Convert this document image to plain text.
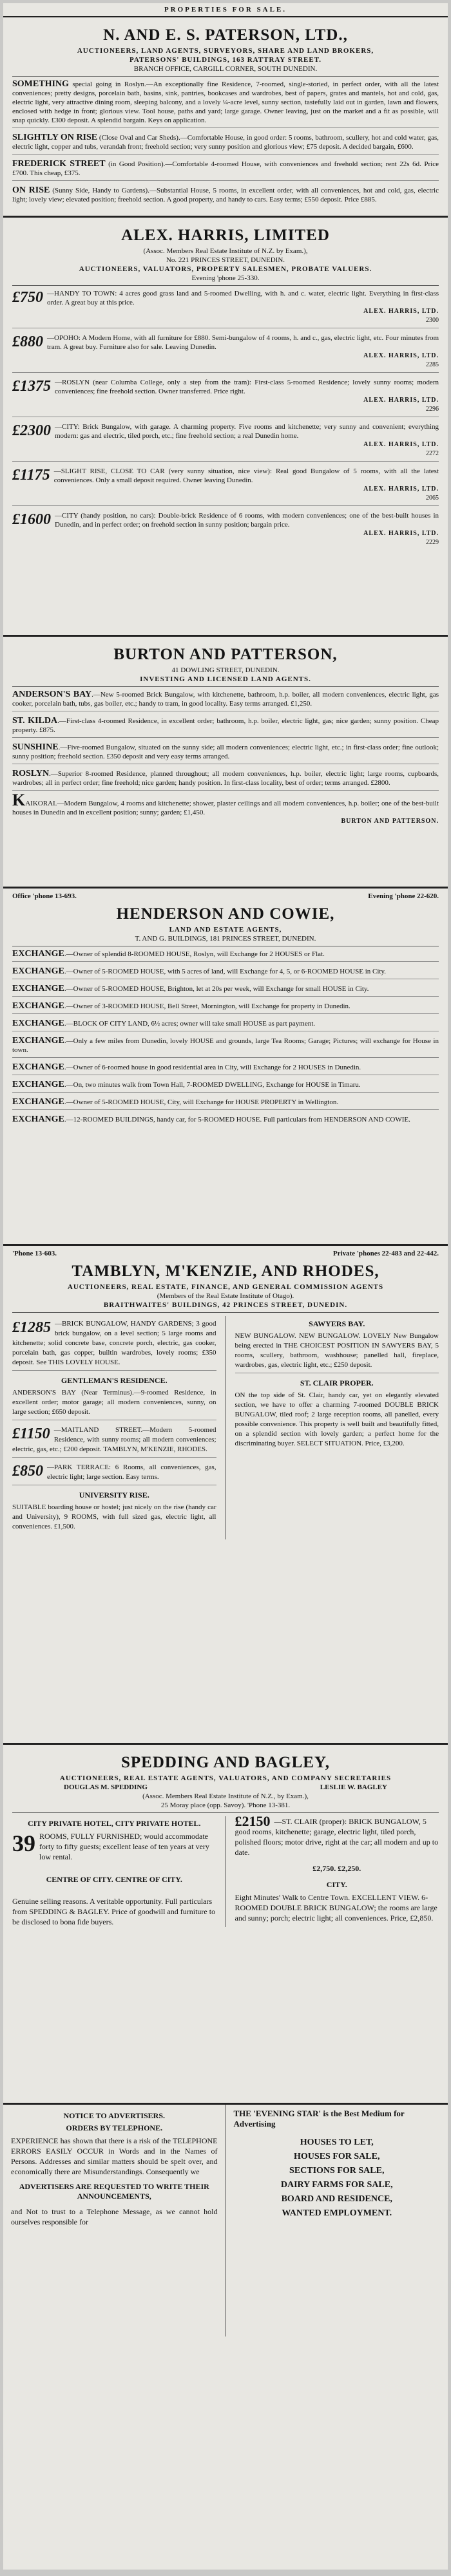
PROPERTIES FOR SALE.
N. AND E. S. PATERSON, LTD.,
AUCTIONEERS, LAND AGENTS, SURVEYORS, SHARE AND LAND BROKERS,
PATERSONS' BUILDINGS, 163 RATTRAY STREET.
BRANCH OFFICE, CARGILL CORNER, SOUTH DUNEDIN.
SOMETHING special going in Roslyn.—An exceptionally fine Residence, 7-roomed, single-storied, in perfect order, with all the latest conveniences; pretty designs, porcelain bath, basins, sink, pantries, bookcases and wardrobes, best of papers, grates and mantels, hot and cold, gas, electric light, very attractive dining room, sleeping balcony, and a lovely ¼-acre level, sunny section, tastefully laid out in garden, lawn and flowers, enclosed with hedge in front; glorious view. Tool house, paths and yard; large garage. Owner leaving, just on the market and a fit as possible, will snap quickly. £300 deposit. A splendid bargain. Keys on application.
SLIGHTLY ON RISE (Close Oval and Car Sheds).—Comfortable House, in good order: 5 rooms, bathroom, scullery, hot and cold water, gas, electric light, copper and tubs, verandah front; freehold section; very sunny position and glorious view; £75 deposit. A decided bargain, £600.
FREDERICK STREET (in Good Position).—Comfortable 4-roomed House, with conveniences and freehold section; rent 22s 6d. Price £700. This cheap, £375.
ON RISE (Sunny Side, Handy to Gardens).—Substantial House, 5 rooms, in excellent order, with all conveniences, hot and cold, gas, electric light; lovely view; elevated position; freehold section. A good property, and handy to cars. Easy terms; £550 deposit. Price £885.
ALEX. HARRIS, LIMITED
(Assoc. Members Real Estate Institute of N.Z. by Exam.),
No. 221 PRINCES STREET, DUNEDIN.
AUCTIONEERS, VALUATORS, PROPERTY SALESMEN, PROBATE VALUERS.
Evening 'phone 25-330.
£750 —HANDY TO TOWN: 4 acres good grass land and 5-roomed Dwelling, with h. and c. water, electric light. Everything in first-class order. A great buy at this price.
ALEX. HARRIS, LTD.
2300
£880 —OPOHO: A Modern Home, with all furniture for £880. Semi-bungalow of 4 rooms, h. and c., gas, electric light, etc. Four minutes from tram. A great buy. Furniture also for sale. Leaving Dunedin.
ALEX. HARRIS, LTD.
2285
£1375 —ROSLYN (near Columba College, only a step from the tram): First-class 5-roomed Residence; lovely sunny rooms; modern conveniences; fine freehold section. Owner transferred. Price right.
ALEX. HARRIS, LTD.
2296
£2300 —CITY: Brick Bungalow, with garage. A charming property. Five rooms and kitchenette; very sunny and convenient; everything modern: gas and electric, tiled porch, etc.; fine freehold section; a real Dunedin home.
ALEX. HARRIS, LTD.
2272
£1175 —SLIGHT RISE, CLOSE TO CAR (very sunny situation, nice view): Real good Bungalow of 5 rooms, with all the latest conveniences. Only a small deposit required. Owner leaving Dunedin.
ALEX. HARRIS, LTD.
2065
£1600 —CITY (handy position, no cars): Double-brick Residence of 6 rooms, with modern conveniences; one of the best-built houses in Dunedin, and in perfect order; on freehold section in sunny position; bargain price.
ALEX. HARRIS, LTD.
2229
BURTON AND PATTERSON,
41 DOWLING STREET, DUNEDIN.
INVESTING AND LICENSED LAND AGENTS.
ANDERSON'S BAY.—New 5-roomed Brick Bungalow, with kitchenette, bathroom, h.p. boiler, all modern conveniences, electric light, gas cooker, porcelain bath, tubs, gas boiler, etc.; handy to tram, in good locality. Easy terms arranged. £1,250.
ST. KILDA.—First-class 4-roomed Residence, in excellent order; bathroom, h.p. boiler, electric light, gas; nice garden; sunny position. Cheap property. £875.
SUNSHINE.—Five-roomed Bungalow, situated on the sunny side; all modern conveniences; electric light, etc.; in first-class order; fine outlook; sunny position; freehold section. £350 deposit and very easy terms arranged.
ROSLYN.—Superior 8-roomed Residence, planned throughout; all modern conveniences, h.p. boiler, electric light; large rooms, cupboards, wardrobes; all in perfect order; fine freehold; nice garden; handy position. In first-class locality, best of order; terms arranged. £2800.
KAIKORAI.—Modern Bungalow, 4 rooms and kitchenette; shower, plaster ceilings and all modern conveniences, h.p. boiler; one of the best-built houses in Dunedin and in excellent position; sunny; garden; £1,450.
BURTON AND PATTERSON.
Office 'phone 13-693.	Evening 'phone 22-620.
HENDERSON AND COWIE,
LAND AND ESTATE AGENTS,
T. AND G. BUILDINGS, 181 PRINCES STREET, DUNEDIN.
EXCHANGE.—Owner of splendid 8-ROOMED HOUSE, Roslyn, will Exchange for 2 HOUSES or Flat.
EXCHANGE.—Owner of 5-ROOMED HOUSE, with 5 acres of land, will Exchange for 4, 5, or 6-ROOMED HOUSE in City.
EXCHANGE.—Owner of 5-ROOMED HOUSE, Brighton, let at 20s per week, will Exchange for small HOUSE in City.
EXCHANGE.—Owner of 3-ROOMED HOUSE, Bell Street, Mornington, will Exchange for property in Dunedin.
EXCHANGE.—BLOCK OF CITY LAND, 6½ acres; owner will take small HOUSE as part payment.
EXCHANGE.—Only a few miles from Dunedin, lovely HOUSE and grounds, large Tea Rooms; Garage; Pictures; will exchange for House in town.
EXCHANGE.—Owner of 6-roomed house in good residential area in City, will Exchange for 2 HOUSES in Dunedin.
EXCHANGE.—On, two minutes walk from Town Hall, 7-ROOMED DWELLING, Exchange for HOUSE in Timaru.
EXCHANGE.—Owner of 5-ROOMED HOUSE, City, will Exchange for HOUSE PROPERTY in Wellington.
EXCHANGE.—12-ROOMED BUILDINGS, handy car, for 5-ROOMED HOUSE. Full particulars from HENDERSON AND COWIE.
'Phone 13-603.	Private 'phones 22-483 and 22-442.
TAMBLYN, M'KENZIE, AND RHODES,
AUCTIONEERS, REAL ESTATE, FINANCE, AND GENERAL COMMISSION AGENTS
(Members of the Real Estate Institute of Otago).
BRAITHWAITES' BUILDINGS, 42 PRINCES STREET, DUNEDIN.
£1285 —BRICK BUNGALOW, HANDY GARDENS; 3 good brick bungalow, on a level section; 5 large rooms and kitchenette; solid concrete base, concrete porch, electric, gas cooker, porcelain bath, gas copper, builtin wardrobes, lovely rooms; £350 deposit. See THIS LOVELY HOUSE.
GENTLEMAN'S RESIDENCE.
ANDERSON'S BAY (Near Terminus).—9-roomed Residence, in excellent order; motor garage; all modern conveniences, sunny, on large section; £650 deposit.
£1150 —MAITLAND STREET.—Modern 5-roomed Residence, with sunny rooms; all modern conveniences; electric, gas, etc.; £200 deposit. TAMBLYN, M'KENZIE, RHODES.
£850 —PARK TERRACE: 6 Rooms, all conveniences, gas, electric light; large section. Easy terms.
UNIVERSITY RISE.
SUITABLE boarding house or hostel; just nicely on the rise (handy car and University), 9 ROOMS, with full sized gas, electric light, all conveniences. £1,500.
SAWYERS BAY.
NEW BUNGALOW. NEW BUNGALOW. LOVELY New Bungalow being erected in THE CHOICEST POSITION IN SAWYERS BAY, 5 rooms, scullery, bathroom, washhouse; panelled hall, fireplace, wardrobes, gas, electric light, etc.; £250 deposit.
ST. CLAIR PROPER.
ON the top side of St. Clair, handy car, yet on elegantly elevated section, we have to offer a charming 7-roomed DOUBLE BRICK BUNGALOW, tiled roof; 2 large reception rooms, all panelled, every possible convenience. This property is well built and beautifully fitted, on a splendid section with lovely garden; a perfect home for the discriminating buyer. SELECT SITUATION. Price, £3,200.
SPEDDING AND BAGLEY,
AUCTIONEERS, REAL ESTATE AGENTS, VALUATORS, AND COMPANY SECRETARIES
DOUGLAS M. SPEDDING	LESLIE W. BAGLEY
(Assoc. Members Real Estate Institute of N.Z., by Exam.),
25 Moray place (opp. Savoy). 'Phone 13-381.
CITY PRIVATE HOTEL, CITY PRIVATE HOTEL.
39 ROOMS, FULLY FURNISHED; would accommodate forty to fifty guests; excellent lease of ten years at very low rental.
CENTRE OF CITY. CENTRE OF CITY.
Genuine selling reasons. A veritable opportunity. Full particulars from SPEDDING & BAGLEY. Price of goodwill and furniture to be disclosed to bona fide buyers.
£2150 —ST. CLAIR (proper): BRICK BUNGALOW, 5 good rooms, kitchenette; garage, electric light, tiled porch, polished floors; motor drive, right at the car; all modern and up to date.
£2,750. £2,250.
CITY.
Eight Minutes' Walk to Centre Town. EXCELLENT VIEW. 6-ROOMED DOUBLE BRICK BUNGALOW; the rooms are large and sunny; porch; electric light; all conveniences. Price, £2,850.
NOTICE TO ADVERTISERS.
ORDERS BY TELEPHONE.
EXPERIENCE has shown that there is a risk of the TELEPHONE ERRORS EASILY OCCUR in Words and in the Names of Persons. Addresses and similar matters should be spelt over, and economically there are Misunderstandings. Consequently we
ADVERTISERS ARE REQUESTED TO WRITE THEIR ANNOUNCEMENTS,
and Not to trust to a Telephone Message, as we cannot hold ourselves responsible for
THE 'EVENING STAR' is the Best Medium for Advertising
HOUSES TO LET,
HOUSES FOR SALE,
SECTIONS FOR SALE,
DAIRY FARMS FOR SALE,
BOARD AND RESIDENCE,
WANTED EMPLOYMENT.
